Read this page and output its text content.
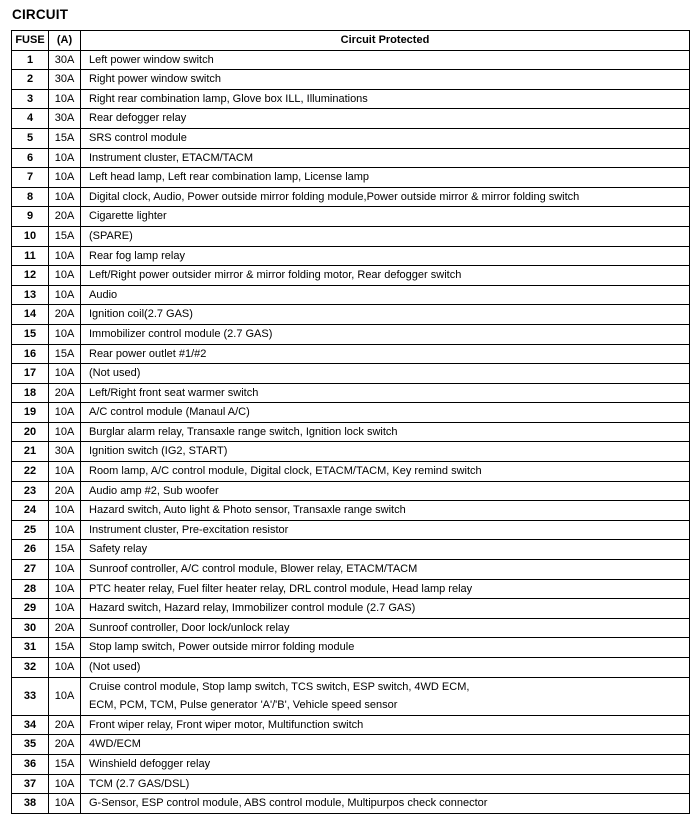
CIRCUIT
FUSE	(A)	Circuit Protected
1	30A	Left power window switch

2	30A	Right power window switch

3	10A	Right rear combination lamp, Glove box ILL, Illuminations

4	30A	Rear defogger relay

5	15A	SRS control module

6	10A	Instrument cluster, ETACM/TACM

7	10A	Left head lamp, Left rear combination lamp, License lamp

8	10A	Digital clock, Audio, Power outside mirror folding module,Power outside mirror & mirror folding switch

9	20A	Cigarette lighter

10	15A	(SPARE)

11	10A	Rear fog lamp relay

12	10A	Left/Right power outsider mirror & mirror folding motor, Rear defogger switch

13	10A	Audio

14	20A	Ignition coil(2.7 GAS)

15	10A	Immobilizer control module (2.7 GAS)

16	15A	Rear power outlet #1/#2

17	10A	(Not used)

18	20A	Left/Right front seat warmer switch

19	10A	A/C control module (Manaul A/C)

20	10A	Burglar alarm relay, Transaxle range switch, Ignition lock switch

21	30A	Ignition switch (IG2, START)

22	10A	Room lamp, A/C control module, Digital clock, ETACM/TACM, Key remind switch

23	20A	Audio amp #2, Sub woofer

24	10A	Hazard switch, Auto light & Photo sensor, Transaxle range switch

25	10A	Instrument cluster, Pre-excitation resistor

26	15A	Safety relay

27	10A	Sunroof controller, A/C control module, Blower relay, ETACM/TACM

28	10A	PTC heater relay, Fuel filter heater relay, DRL control module, Head lamp relay

29	10A	Hazard switch, Hazard relay, Immobilizer control module (2.7 GAS)

30	20A	Sunroof controller, Door lock/unlock relay

31	15A	Stop lamp switch, Power outside mirror folding module

32	10A	(Not used)

33	10A	Cruise control module, Stop lamp switch, TCS switch, ESP switch, 4WD ECM,
ECM, PCM, TCM, Pulse generator 'A'/'B', Vehicle speed sensor

34	20A	Front wiper relay, Front wiper motor, Multifunction switch

35	20A	4WD/ECM

36	15A	Winshield defogger relay

37	10A	TCM (2.7 GAS/DSL)

38	10A	G-Sensor, ESP control module, ABS control module, Multipurpos check connector
